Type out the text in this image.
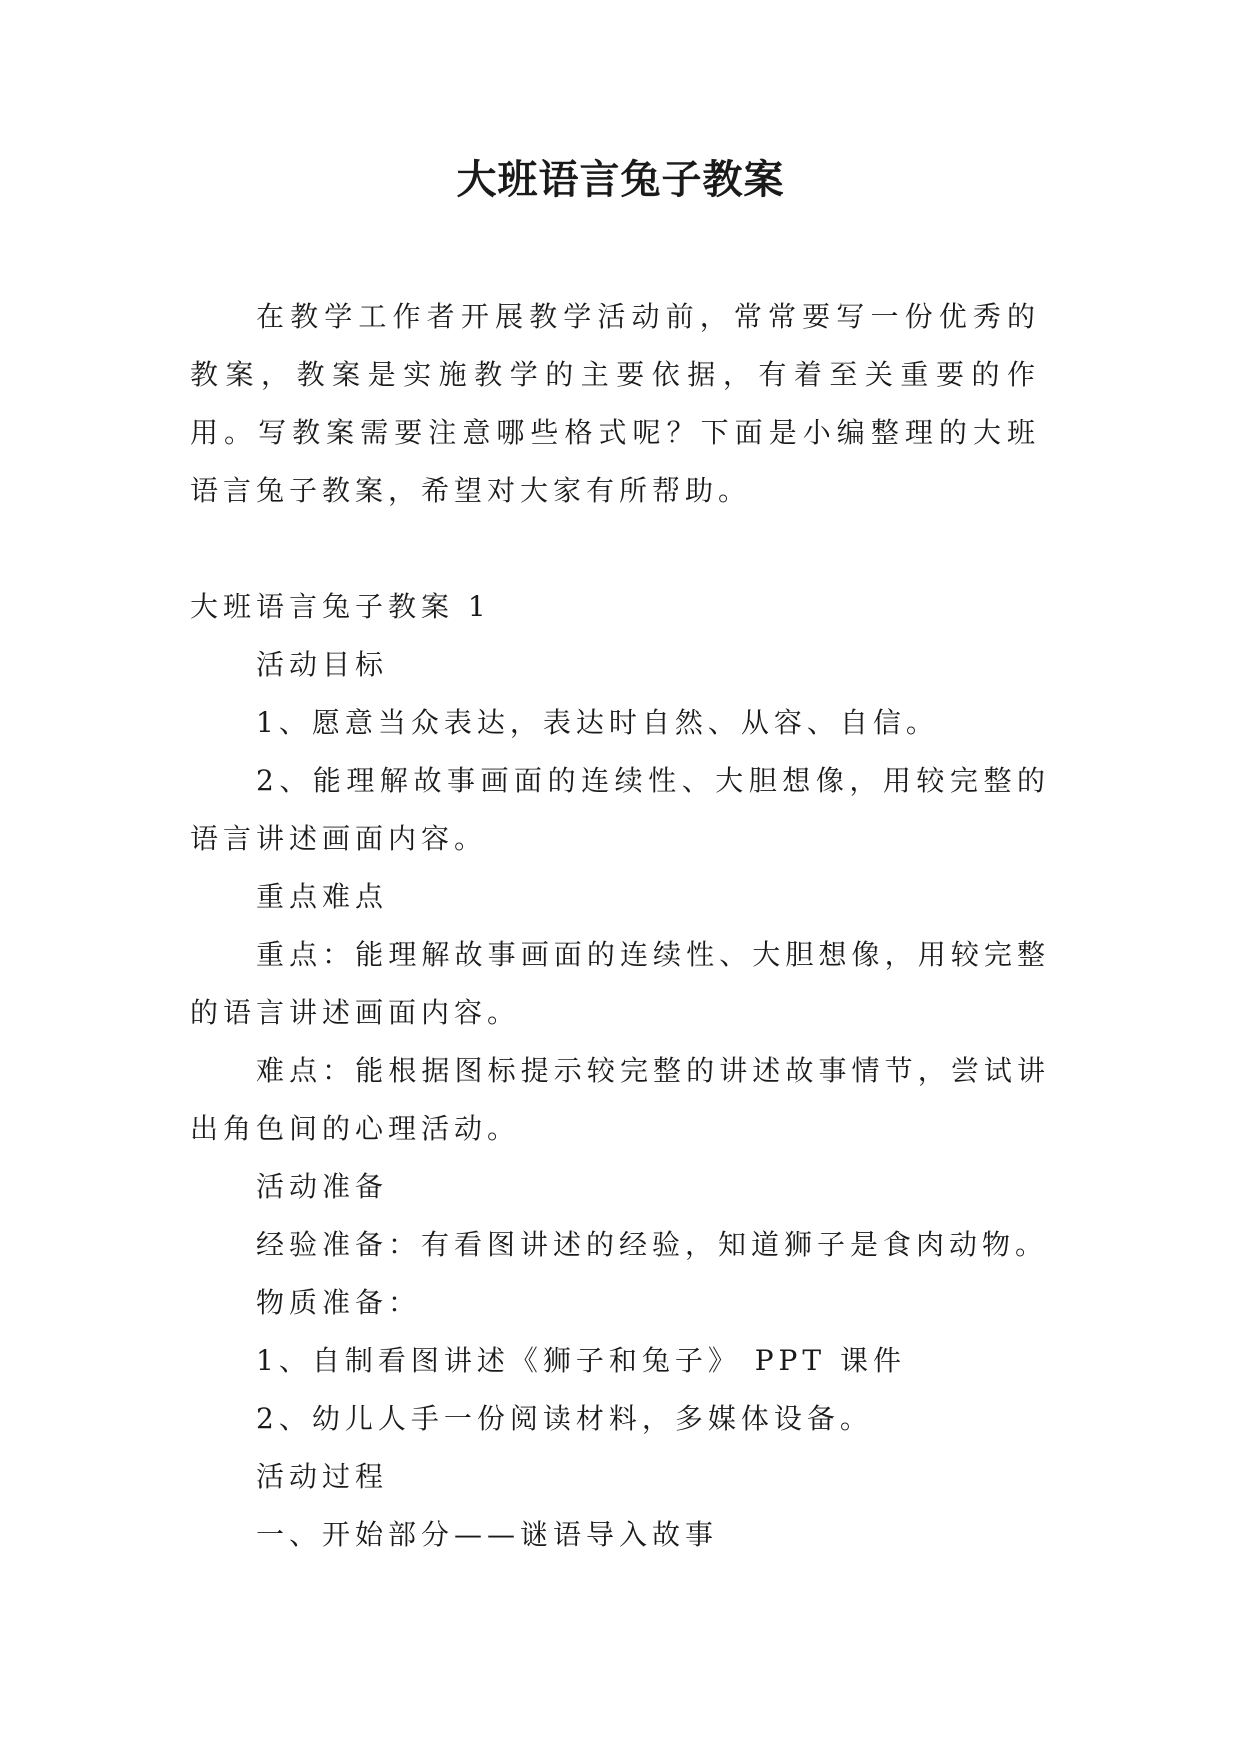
大班语言兔子教案

在教学工作者开展教学活动前，常常要写一份优秀的教案，教案是实施教学的主要依据，有着至关重要的作用。写教案需要注意哪些格式呢？下面是小编整理的大班语言兔子教案，希望对大家有所帮助。

大班语言兔子教案 1

活动目标

1、愿意当众表达，表达时自然、从容、自信。

2、能理解故事画面的连续性、大胆想像，用较完整的语言讲述画面内容。

重点难点

重点：能理解故事画面的连续性、大胆想像，用较完整的语言讲述画面内容。

难点：能根据图标提示较完整的讲述故事情节，尝试讲出角色间的心理活动。

活动准备

经验准备：有看图讲述的经验，知道狮子是食肉动物。

物质准备：

1、自制看图讲述《狮子和兔子》 PPT 课件

2、幼儿人手一份阅读材料，多媒体设备。

活动过程

一、开始部分——谜语导入故事
